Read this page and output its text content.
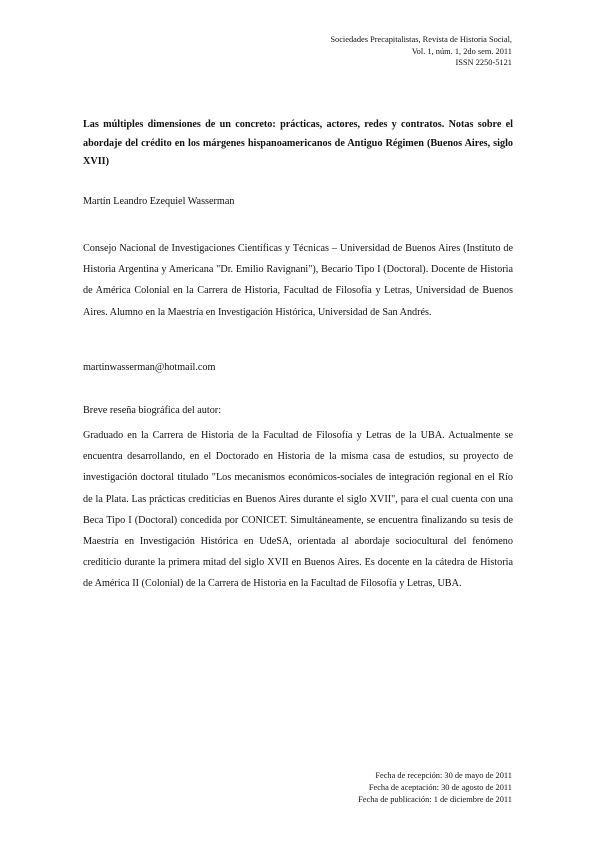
Sociedades Precapitalistas, Revista de Historia Social,
Vol. 1, núm. 1, 2do sem. 2011
ISSN 2250-5121
Las múltiples dimensiones de un concreto: prácticas, actores, redes y contratos. Notas sobre el abordaje del crédito en los márgenes hispanoamericanos de Antiguo Régimen (Buenos Aires, siglo XVII)
Martín Leandro Ezequiel Wasserman
Consejo Nacional de Investigaciones Científicas y Técnicas – Universidad de Buenos Aires (Instituto de Historia Argentina y Americana "Dr. Emilio Ravignani"), Becario Tipo I (Doctoral). Docente de Historia de América Colonial en la Carrera de Historia, Facultad de Filosofía y Letras, Universidad de Buenos Aires. Alumno en la Maestría en Investigación Histórica, Universidad de San Andrés.
martinwasserman@hotmail.com
Breve reseña biográfica del autor:
Graduado en la Carrera de Historia de la Facultad de Filosofía y Letras de la UBA. Actualmente se encuentra desarrollando, en el Doctorado en Historia de la misma casa de estudios, su proyecto de investigación doctoral titulado "Los mecanismos económicos-sociales de integración regional en el Río de la Plata. Las prácticas crediticias en Buenos Aires durante el siglo XVII", para el cual cuenta con una Beca Tipo I (Doctoral) concedida por CONICET. Simultáneamente, se encuentra finalizando su tesis de Maestría en Investigación Histórica en UdeSA, orientada al abordaje sociocultural del fenómeno crediticio durante la primera mitad del siglo XVII en Buenos Aires. Es docente en la cátedra de Historia de América II (Colonial) de la Carrera de Historia en la Facultad de Filosofía y Letras, UBA.
Fecha de recepción: 30 de mayo de 2011
Fecha de aceptación: 30 de agosto de 2011
Fecha de publicación: 1 de diciembre de 2011
